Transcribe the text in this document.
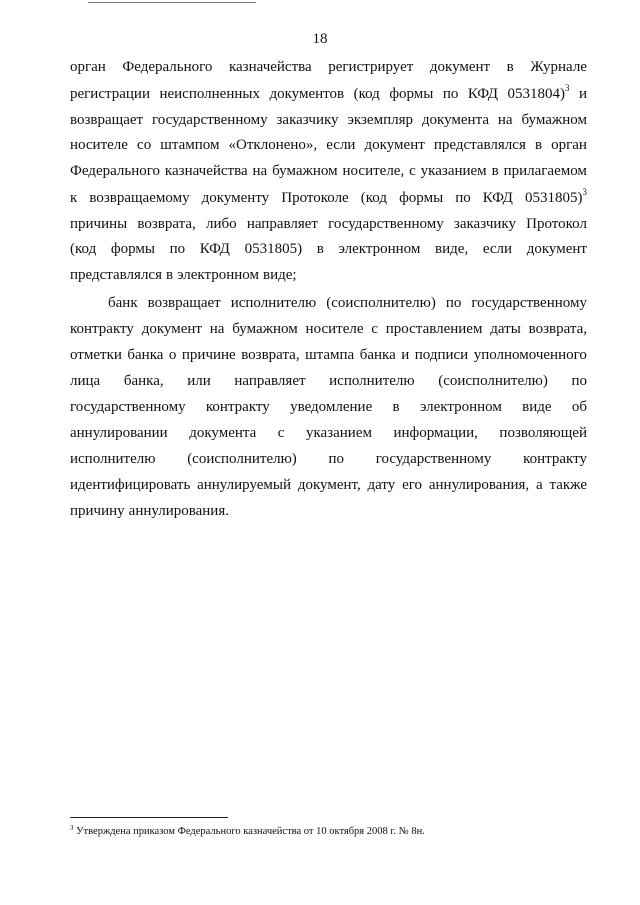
18
орган Федерального казначейства регистрирует документ в Журнале
регистрации неисполненных документов (код формы по КФД 0531804)$^3$ и
возвращает государственному заказчику экземпляр документа на бумажном
носителе со штампом «Отклонено», если документ представлялся в орган
Федерального казначейства на бумажном носителе, с указанием в прилагаемом
к возвращаемому документу Протоколе (код формы по КФД 0531805)$^3$
причины возврата, либо направляет государственному заказчику Протокол
(код формы по КФД 0531805) в электронном виде, если документ
представлялся в электронном виде;
банк возвращает исполнителю (соисполнителю) по государственному
контракту документ на бумажном носителе с проставлением даты возврата,
отметки банка о причине возврата, штампа банка и подписи уполномоченного
лица банка, или направляет исполнителю (соисполнителю) по
государственному контракту уведомление в электронном виде об
аннулировании документа с указанием информации, позволяющей
исполнителю (соисполнителю) по государственному контракту
идентифицировать аннулируемый документ, дату его аннулирования, а также
причину аннулирования.
$^3$ Утверждена приказом Федерального казначейства от 10 октября 2008 г. № 8н.
